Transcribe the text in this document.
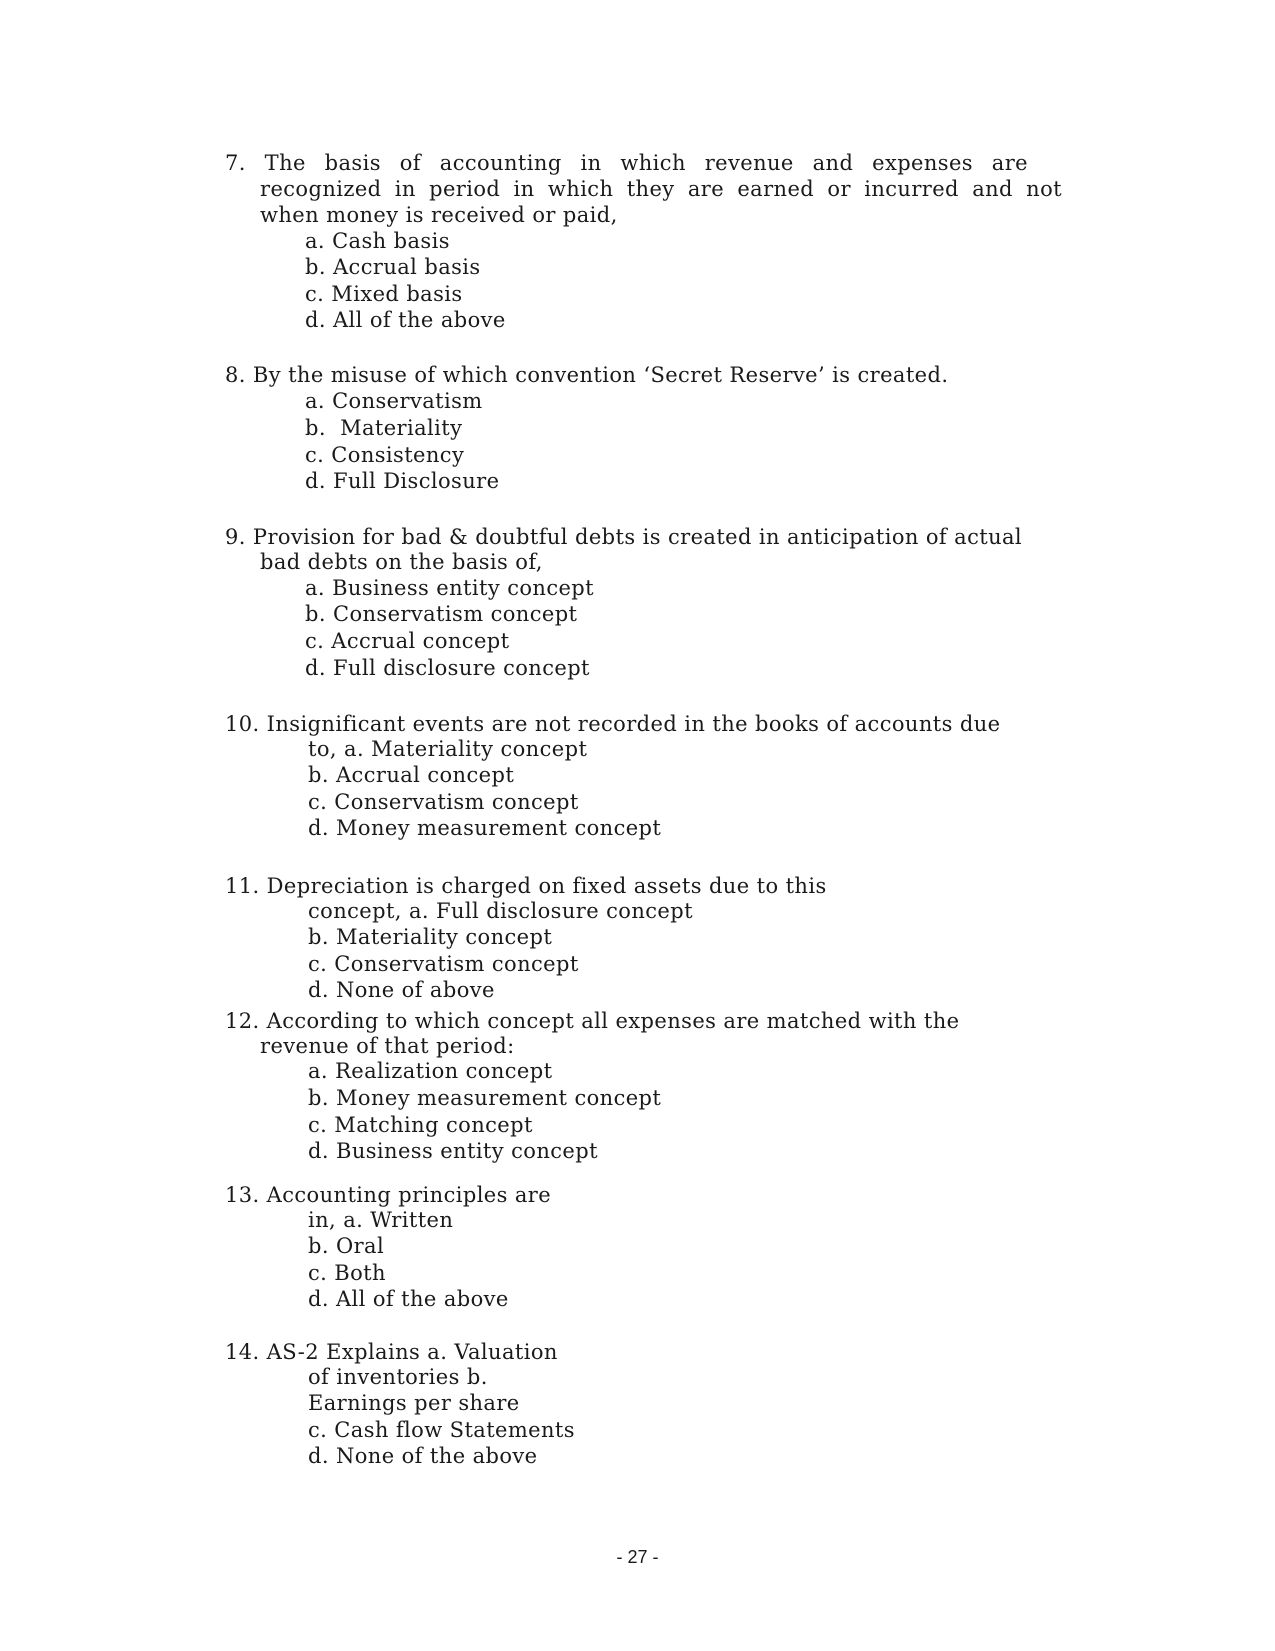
7. The basis of accounting in which revenue and expenses are
recognized in period in which they are earned or incurred and not
when money is received or paid,
a. Cash basis
b. Accrual basis
c. Mixed basis
d. All of the above
8. By the misuse of which convention ‘Secret Reserve’ is created.
a. Conservatism
b.  Materiality
c. Consistency
d. Full Disclosure
9. Provision for bad & doubtful debts is created in anticipation of actual
bad debts on the basis of,
a. Business entity concept
b. Conservatism concept
c. Accrual concept
d. Full disclosure concept
10. Insignificant events are not recorded in the books of accounts due
to, a. Materiality concept
b. Accrual concept
c. Conservatism concept
d. Money measurement concept
11. Depreciation is charged on fixed assets due to this
concept, a. Full disclosure concept
b. Materiality concept
c. Conservatism concept
d. None of above
12. According to which concept all expenses are matched with the
revenue of that period:
a. Realization concept
b. Money measurement concept
c. Matching concept
d. Business entity concept
13. Accounting principles are
in, a. Written
b. Oral
c. Both
d. All of the above
14. AS-2 Explains a. Valuation
of inventories b.
Earnings per share
c. Cash flow Statements
d. None of the above
- 27 -
